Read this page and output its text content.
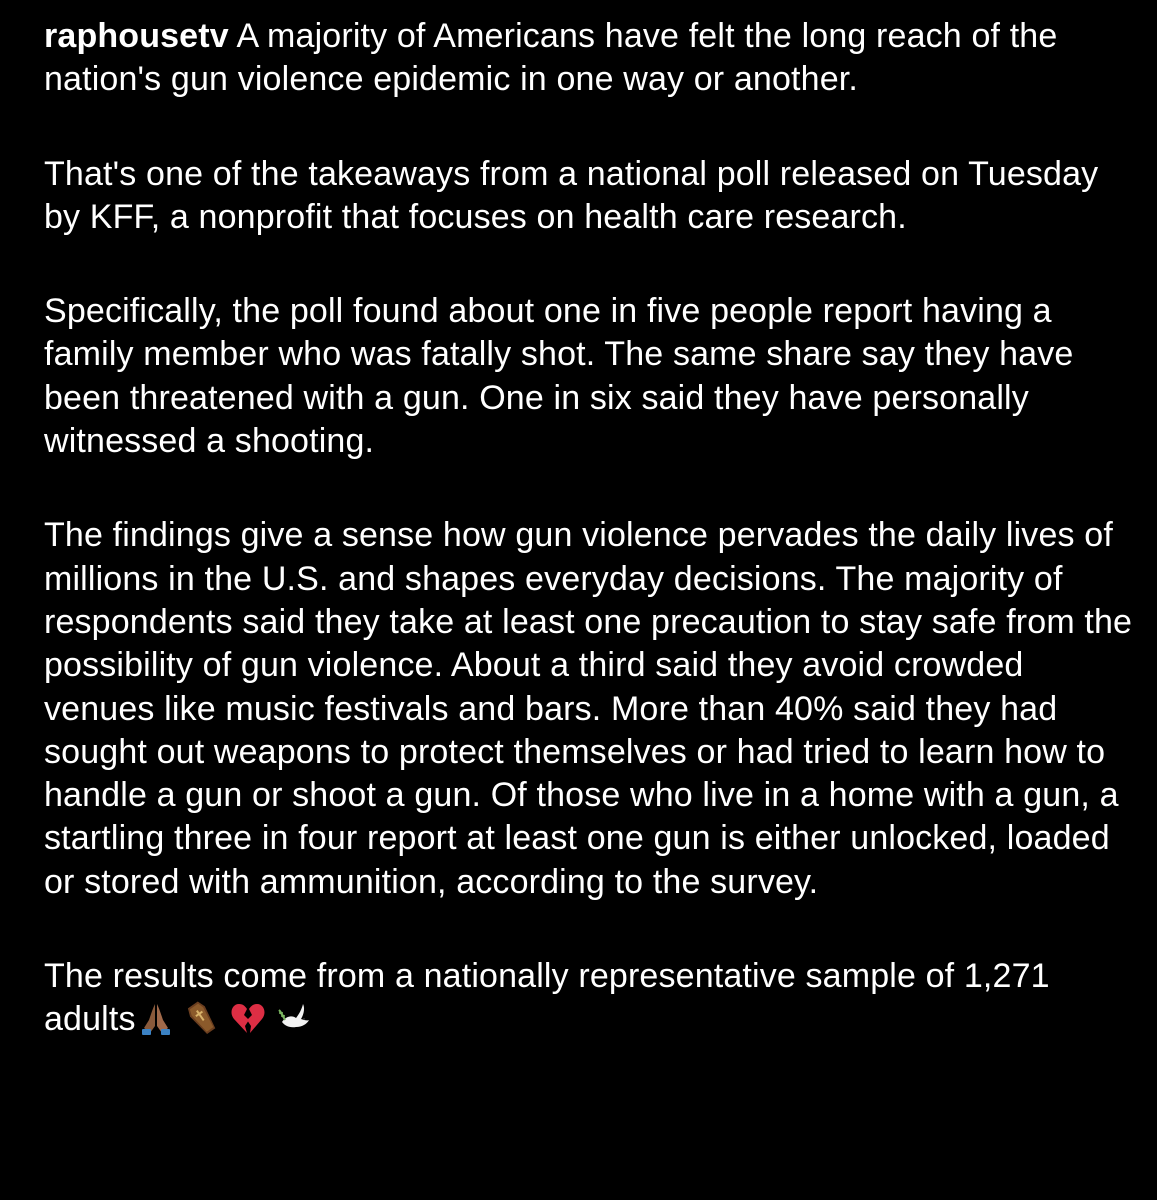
raphousetv A majority of Americans have felt the long reach of the nation's gun violence epidemic in one way or another.

That's one of the takeaways from a national poll released on Tuesday by KFF, a nonprofit that focuses on health care research.

Specifically, the poll found about one in five people report having a family member who was fatally shot. The same share say they have been threatened with a gun. One in six said they have personally witnessed a shooting.

The findings give a sense how gun violence pervades the daily lives of millions in the U.S. and shapes everyday decisions. The majority of respondents said they take at least one precaution to stay safe from the possibility of gun violence. About a third said they avoid crowded venues like music festivals and bars. More than 40% said they had sought out weapons to protect themselves or had tried to learn how to handle a gun or shoot a gun. Of those who live in a home with a gun, a startling three in four report at least one gun is either unlocked, loaded or stored with ammunition, according to the survey.

The results come from a nationally representative sample of 1,271 adults
